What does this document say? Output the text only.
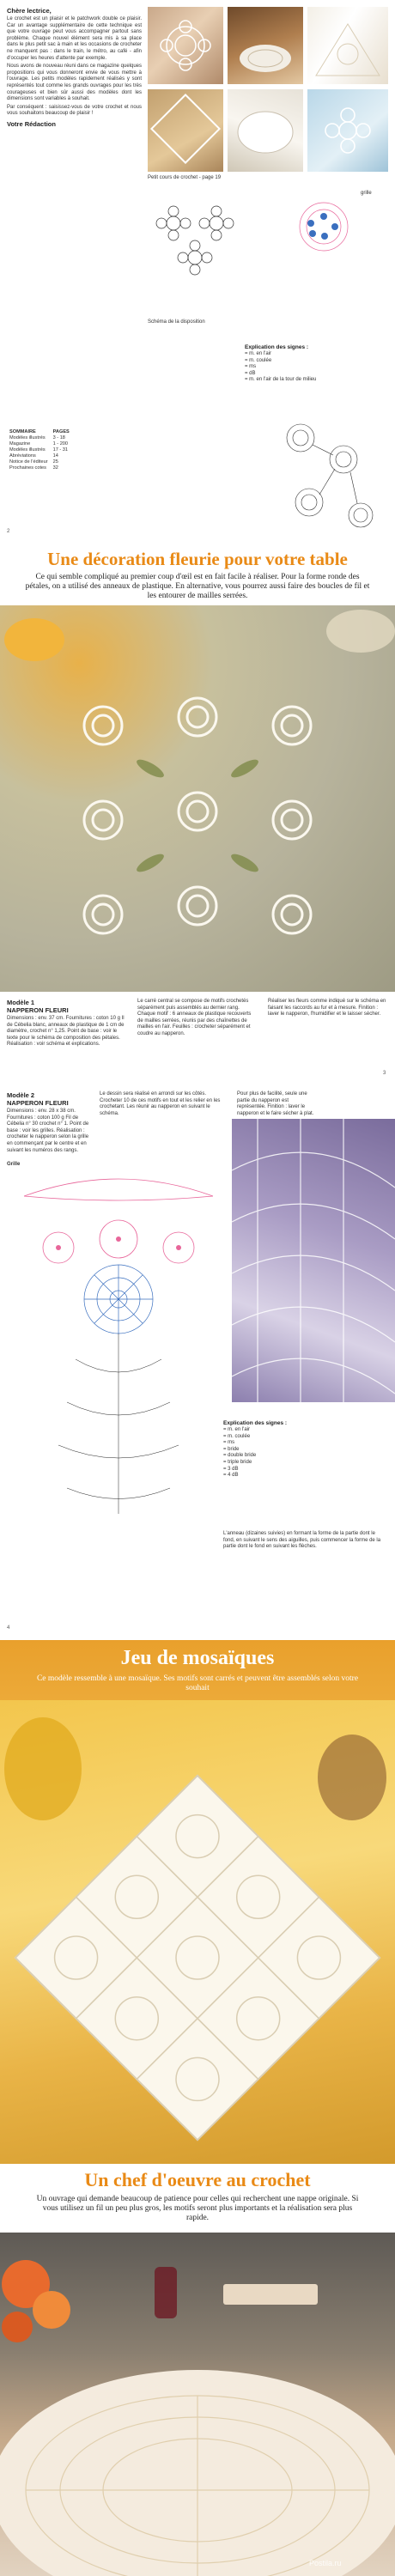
Chère lectrice,

Le crochet est un plaisir et le patchwork double ce plaisir. Car un avantage supplémentaire de cette technique est que votre ouvrage peut vous accompagner partout sans problème. Chaque nouvel élément sera mis à sa place dans le plus petit sac à main et les occasions de crocheter ne manquent pas : dans le train, le métro, au café - afin d'occuper les heures d'attente par exemple.

Nous avons de nouveau réuni dans ce magazine quelques propositions qui vous donneront envie de vous mettre à l'ouvrage. Les petits modèles rapidement réalisés y sont représentés tout comme les grands ouvrages pour les très courageuses et bien sûr aussi des modèles dont les dimensions sont variables à souhait.

Par conséquent : saisissez-vous de votre crochet et nous vous souhaitons beaucoup de plaisir !

Votre Rédaction
SOMMAIRE	PAGES
Modèles illustrés	3 - 18
Magazine	1 - 200
Modèles illustrés	17 - 31
Abréviations	14
Notice de l'éditeur	25
Prochaines cotes	32
2
Petit cours de crochet - page 19
grille
Schéma de la disposition
Explication des signes :
= m. en l'air
= m. coulée
= ms
= dB
= m. en l'air de la tour de milieu
Une décoration fleurie pour votre table
Ce qui semble compliqué au premier coup d'œil est en fait facile à réaliser. Pour la forme ronde des pétales, on a utilisé des anneaux de plastique. En alternative, vous pourrez aussi faire des boucles de fil et les entourer de mailles serrées.
Modèle 1
NAPPERON FLEURI

Dimensions : env. 37 cm. Fournitures : coton 10 g Il de Cébelia blanc, anneaux de plastique de 1 cm de diamètre, crochet n° 1,25. Point de base : voir le texte pour le schéma de composition des pétales. Réalisation : voir schéma et explications.

Le carré central se compose de motifs crochetés séparément puis assemblés au dernier rang. Chaque motif : 6 anneaux de plastique recouverts de mailles serrées, réunis par des chaînettes de mailles en l'air. Feuilles : crocheter séparément et coudre au napperon.

Réaliser les fleurs comme indiqué sur le schéma en faisant les raccords au fur et à mesure. Finition : laver le napperon, l'humidifier et le laisser sécher.

3
Modèle 2
NAPPERON FLEURI

Dimensions : env. 28 x 38 cm. Fournitures : coton 100 g Fil de Cébelia n° 30 crochet n° 1. Point de base : voir les grilles. Réalisation : crocheter le napperon selon la grille en commençant par le centre et en suivant les numéros des rangs.

Le dessin sera réalisé en arrondi sur les côtés. Crocheter 10 de ces motifs en tout et les relier en les crochetant. Les réunir au napperon en suivant le schéma.

Pour plus de facilité, seule une partie du napperon est représentée. Finition : laver le napperon et le faire sécher à plat.

Grille
Explication des signes :
= m. en l'air
= m. coulée
= ms
= bride
= double bride
= triple bride
= 3 dB
= 4 dB

L'anneau (dizaines suivies) en formant la forme de la partie dont le fond, en suivant le sens des aiguilles, puis commencer la forme de la partie dont le fond en suivant les flèches.

4
Jeu de mosaïques
Ce modèle ressemble à une mosaïque. Ses motifs sont carrés et peuvent être assemblés selon votre souhait
Un chef d'oeuvre au crochet
Un ouvrage qui demande beaucoup de patience pour celles qui recherchent une nappe originale. Si vous utilisez un fil un peu plus gros, les motifs seront plus importants et la réalisation sera plus rapide.
Postila.ru
